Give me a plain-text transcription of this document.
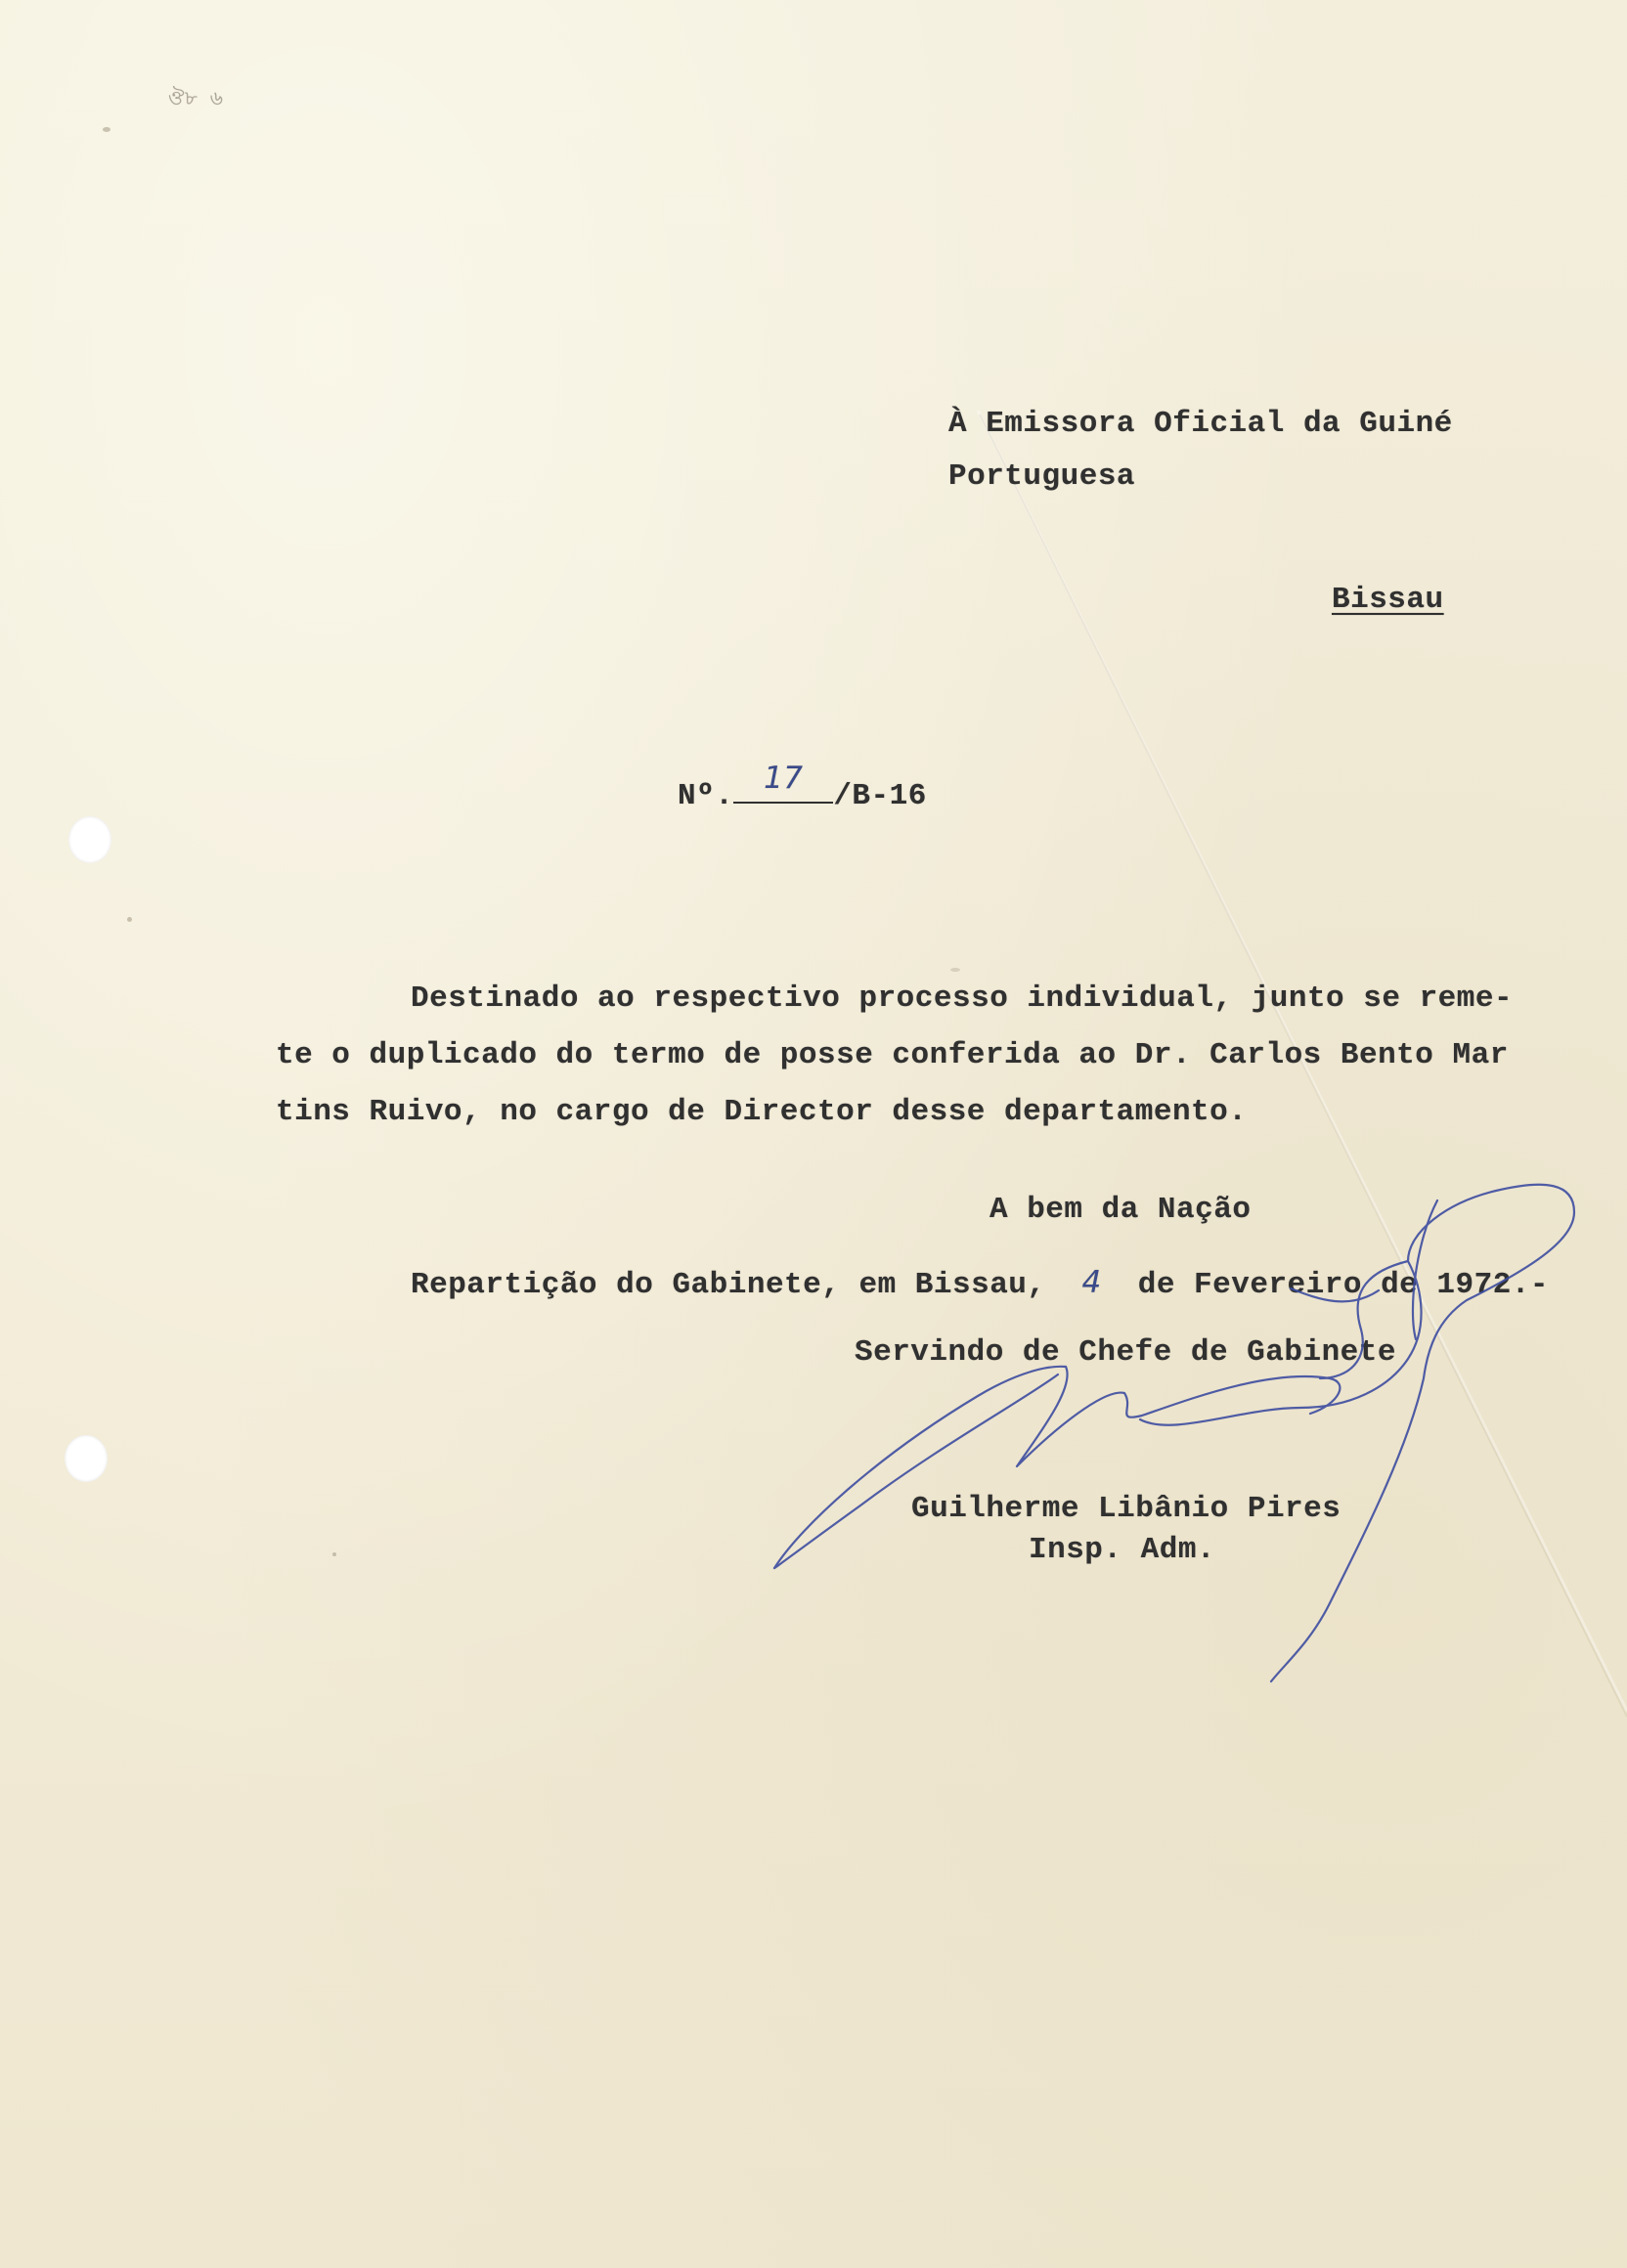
ঔ৮ ৬

À Emissora Oficial da Guiné

Portuguesa

Bissau

Nº.
17
/B-16

Destinado ao respectivo processo individual, junto se reme-

te o duplicado do termo de posse conferida ao Dr. Carlos Bento Mar

tins Ruivo, no cargo de Director desse departamento.

A bem da Nação

Repartição do Gabinete, em Bissau, 4 de Fevereiro de 1972.-

Servindo de Chefe de Gabinete

Guilherme Libânio Pires

Insp. Adm.
